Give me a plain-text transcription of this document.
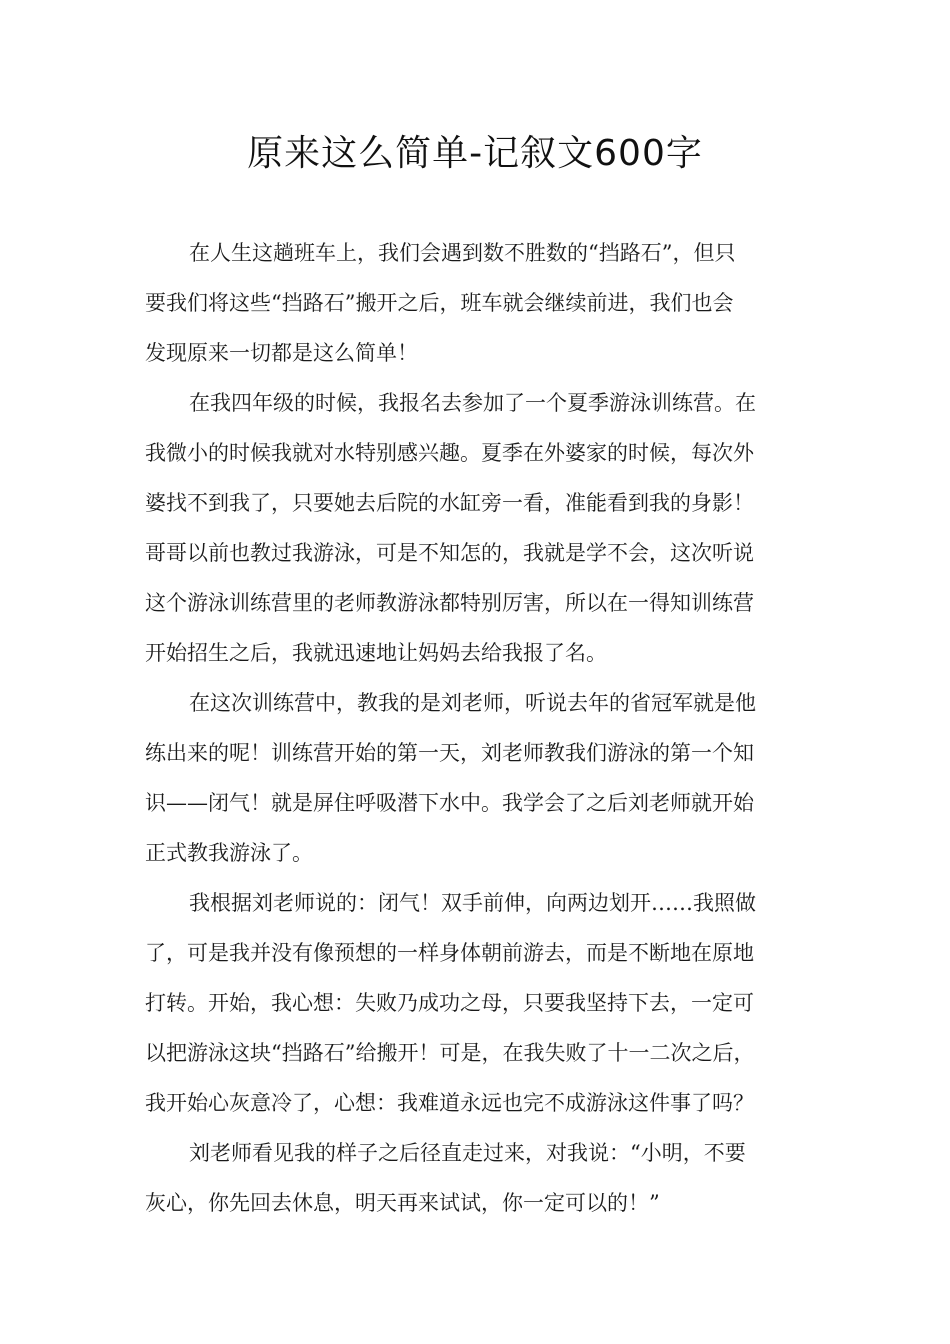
原来这么简单-记叙文600字
在人生这趟班车上，我们会遇到数不胜数的“挡路石”，但只
要我们将这些“挡路石”搬开之后，班车就会继续前进，我们也会
发现原来一切都是这么简单！
在我四年级的时候，我报名去参加了一个夏季游泳训练营。在
我微小的时候我就对水特别感兴趣。夏季在外婆家的时候，每次外
婆找不到我了，只要她去后院的水缸旁一看，准能看到我的身影！
哥哥以前也教过我游泳，可是不知怎的，我就是学不会，这次听说
这个游泳训练营里的老师教游泳都特别厉害，所以在一得知训练营
开始招生之后，我就迅速地让妈妈去给我报了名。
在这次训练营中，教我的是刘老师，听说去年的省冠军就是他
练出来的呢！训练营开始的第一天，刘老师教我们游泳的第一个知
识——闭气！就是屏住呼吸潜下水中。我学会了之后刘老师就开始
正式教我游泳了。
我根据刘老师说的：闭气！双手前伸，向两边划开……我照做
了，可是我并没有像预想的一样身体朝前游去，而是不断地在原地
打转。开始，我心想：失败乃成功之母，只要我坚持下去，一定可
以把游泳这块“挡路石”给搬开！可是，在我失败了十一二次之后，
我开始心灰意冷了，心想：我难道永远也完不成游泳这件事了吗？
刘老师看见我的样子之后径直走过来，对我说：“小明，不要
灰心，你先回去休息，明天再来试试，你一定可以的！”
